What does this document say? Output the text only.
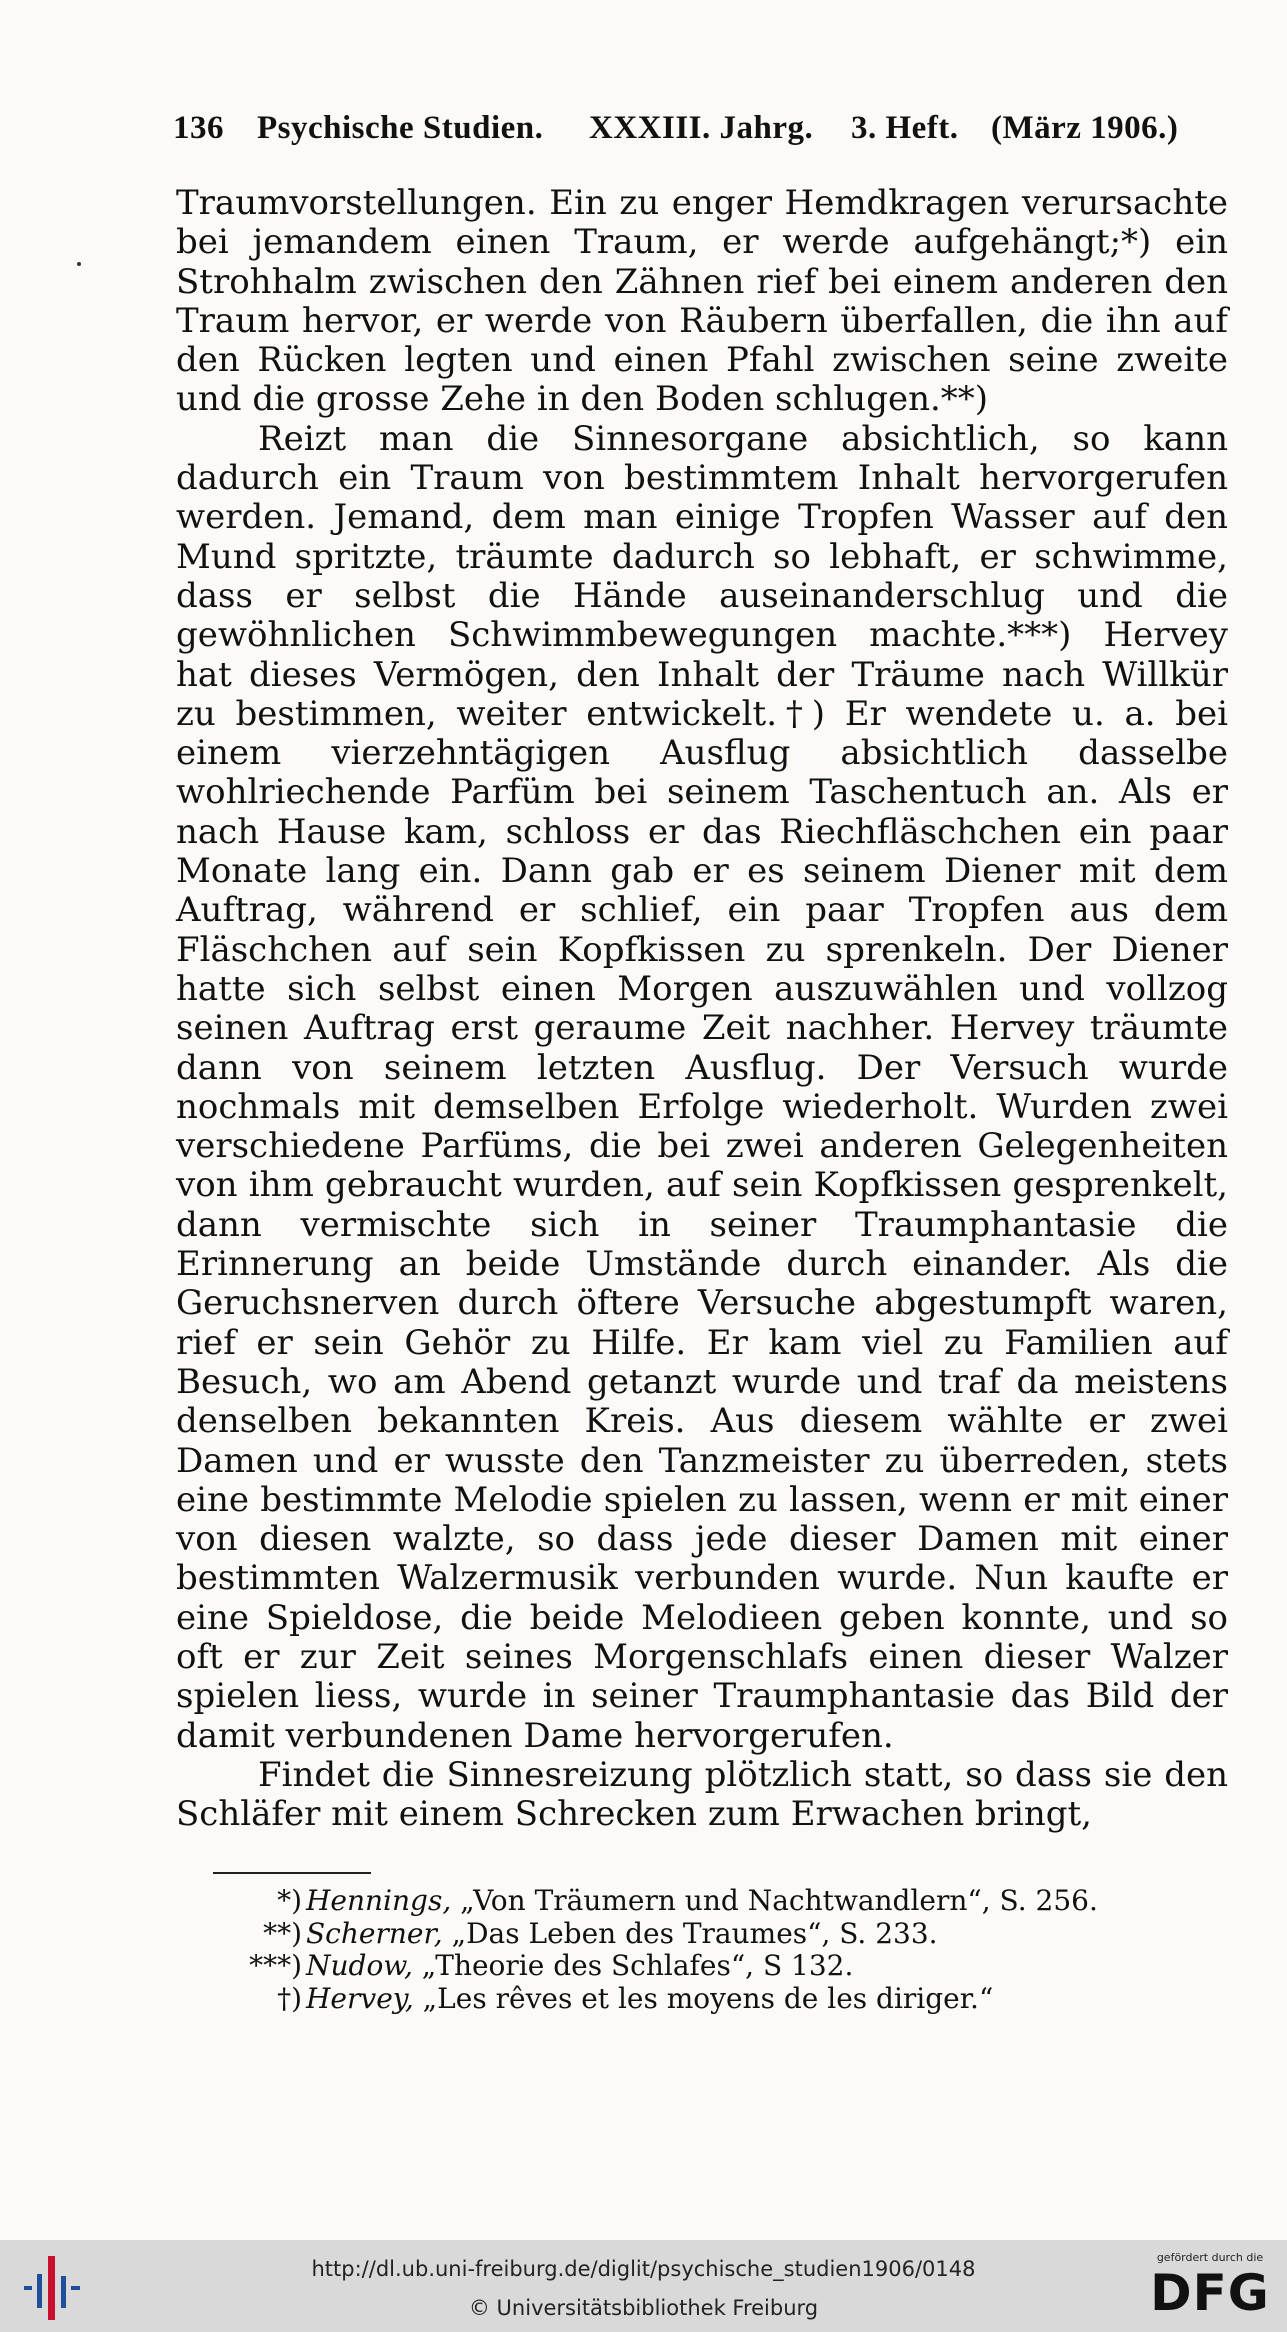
136 Psychische Studien. XXXIII. Jahrg. 3. Heft. (März 1906.)

Traumvorstellungen. Ein zu enger Hemdkragen verursachte bei jemandem einen Traum, er werde aufgehängt;*) ein Strohhalm zwischen den Zähnen rief bei einem anderen den Traum hervor, er werde von Räubern überfallen, die ihn auf den Rücken legten und einen Pfahl zwischen seine zweite und die grosse Zehe in den Boden schlugen.**)

Reizt man die Sinnesorgane absichtlich, so kann dadurch ein Traum von bestimmtem Inhalt hervorgerufen werden. Jemand, dem man einige Tropfen Wasser auf den Mund spritzte, träumte dadurch so lebhaft, er schwimme, dass er selbst die Hände auseinanderschlug und die gewöhnlichen Schwimmbewegungen machte.***) Hervey hat dieses Vermögen, den Inhalt der Träume nach Willkür zu bestimmen, weiter entwickelt.†) Er wendete u. a. bei einem vierzehntägigen Ausflug absichtlich dasselbe wohlriechende Parfüm bei seinem Taschentuch an. Als er nach Hause kam, schloss er das Riechfläschchen ein paar Monate lang ein. Dann gab er es seinem Diener mit dem Auftrag, während er schlief, ein paar Tropfen aus dem Fläschchen auf sein Kopfkissen zu sprenkeln. Der Diener hatte sich selbst einen Morgen auszuwählen und vollzog seinen Auftrag erst geraume Zeit nachher. Hervey träumte dann von seinem letzten Ausflug. Der Versuch wurde nochmals mit demselben Erfolge wiederholt. Wurden zwei verschiedene Parfüms, die bei zwei anderen Gelegenheiten von ihm gebraucht wurden, auf sein Kopfkissen gesprenkelt, dann vermischte sich in seiner Traumphantasie die Erinnerung an beide Umstände durch einander. Als die Geruchsnerven durch öftere Versuche abgestumpft waren, rief er sein Gehör zu Hilfe. Er kam viel zu Familien auf Besuch, wo am Abend getanzt wurde und traf da meistens denselben bekannten Kreis. Aus diesem wählte er zwei Damen und er wusste den Tanzmeister zu überreden, stets eine bestimmte Melodie spielen zu lassen, wenn er mit einer von diesen walzte, so dass jede dieser Damen mit einer bestimmten Walzermusik verbunden wurde. Nun kaufte er eine Spieldose, die beide Melodieen geben konnte, und so oft er zur Zeit seines Morgenschlafs einen dieser Walzer spielen liess, wurde in seiner Traumphantasie das Bild der damit verbundenen Dame hervorgerufen.

Findet die Sinnesreizung plötzlich statt, so dass sie den Schläfer mit einem Schrecken zum Erwachen bringt,

*) Hennings, „Von Träumern und Nachtwandlern“, S. 256.
**) Scherner, „Das Leben des Traumes“, S. 233.
***) Nudow, „Theorie des Schlafes“, S 132.
†) Hervey, „Les rêves et les moyens de les diriger.“
http://dl.ub.uni-freiburg.de/diglit/psychische_studien1906/0148
© Universitätsbibliothek Freiburg
gefördert durch die
DFG
